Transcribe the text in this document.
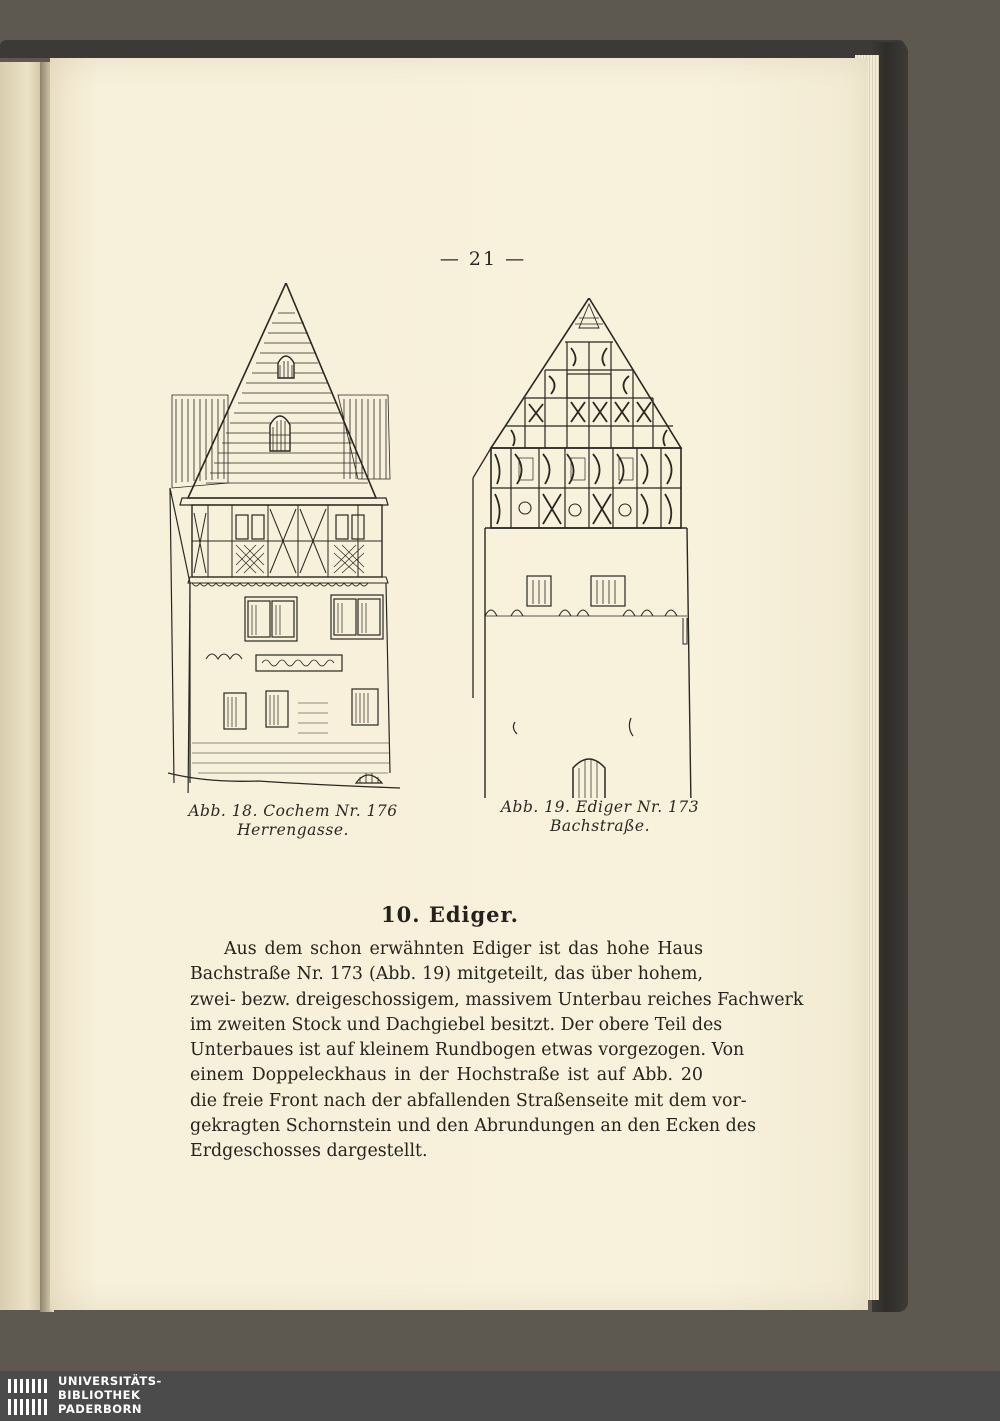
— 21 —
Abb. 18. Cochem Nr. 176
Herrengasse.
Abb. 19. Ediger Nr. 173
Bachstraße.
10. Ediger.
Aus dem schon erwähnten Ediger ist das hohe Haus
Bachstraße Nr. 173 (Abb. 19) mitgeteilt, das über hohem,
zwei- bezw. dreigeschossigem, massivem Unterbau reiches Fachwerk
im zweiten Stock und Dachgiebel besitzt. Der obere Teil des
Unterbaues ist auf kleinem Rundbogen etwas vorgezogen. Von
einem Doppeleckhaus in der Hochstraße ist auf Abb. 20
die freie Front nach der abfallenden Straßenseite mit dem vor-
gekragten Schornstein und den Abrundungen an den Ecken des
Erdgeschosses dargestellt.
UNIVERSITÄTS-
BIBLIOTHEK
PADERBORN
